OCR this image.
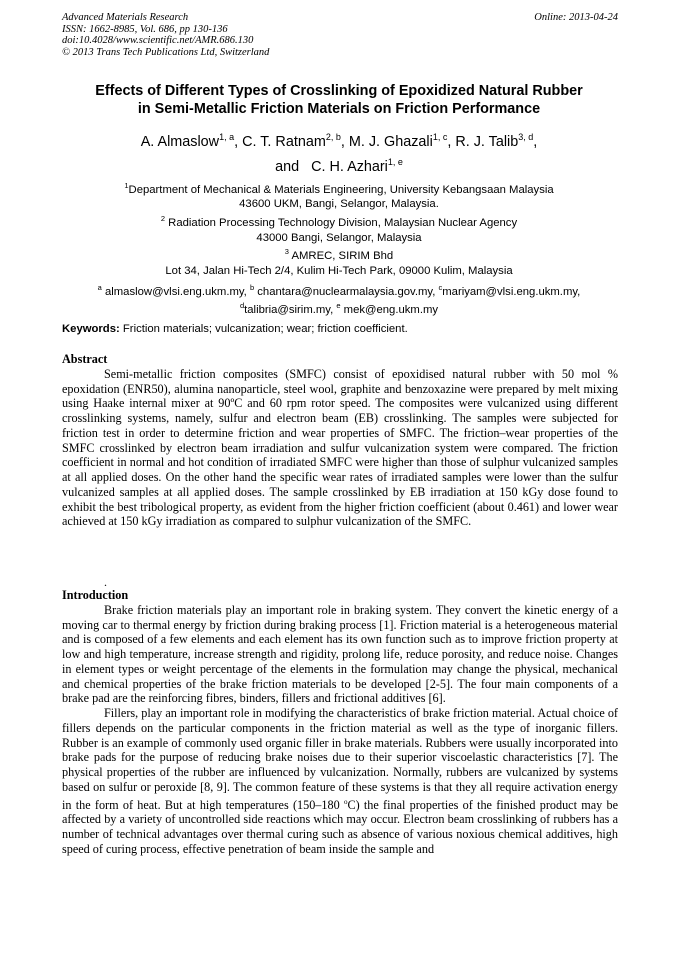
Advanced Materials Research
ISSN: 1662-8985, Vol. 686, pp 130-136
doi:10.4028/www.scientific.net/AMR.686.130
© 2013 Trans Tech Publications Ltd, Switzerland
Online: 2013-04-24
Effects of Different Types of Crosslinking of Epoxidized Natural Rubber
in Semi-Metallic Friction Materials on Friction Performance
A. Almaslow$^{1, a}$, C. T. Ratnam$^{2, b}$, M. J. Ghazali$^{1, c}$, R. J. Talib$^{3, d}$,
and C. H. Azhari$^{1, e}$
$^1$Department of Mechanical & Materials Engineering, University Kebangsaan Malaysia
43600 UKM, Bangi, Selangor, Malaysia.
$^2$ Radiation Processing Technology Division, Malaysian Nuclear Agency
43000 Bangi, Selangor, Malaysia
$^3$ AMREC, SIRIM Bhd
Lot 34, Jalan Hi-Tech 2/4, Kulim Hi-Tech Park, 09000 Kulim, Malaysia
$^a$ almaslow@vlsi.eng.ukm.my, $^b$ chantara@nuclearmalaysia.gov.my, $^c$mariyam@vlsi.eng.ukm.my,
$^d$talibria@sirim.my, $^e$ mek@eng.ukm.my
Keywords: Friction materials; vulcanization; wear; friction coefficient.
Abstract

Semi-metallic friction composites (SMFC) consist of epoxidised natural rubber with 50 mol % epoxidation (ENR50), alumina nanoparticle, steel wool, graphite and benzoxazine were prepared by melt mixing using Haake internal mixer at 90ºC and 60 rpm rotor speed. The composites were vulcanized using different crosslinking systems, namely, sulfur and electron beam (EB) crosslinking. The samples were subjected for friction test in order to determine friction and wear properties of SMFC. The friction–wear properties of the SMFC crosslinked by electron beam irradiation and sulfur vulcanization system were compared. The friction coefficient in normal and hot condition of irradiated SMFC were higher than those of sulphur vulcanized samples at all applied doses. On the other hand the specific wear rates of irradiated samples were lower than the sulfur vulcanized samples at all applied doses. The sample crosslinked by EB irradiation at 150 kGy dose found to exhibit the best tribological property, as evident from the higher friction coefficient (about 0.461) and lower wear achieved at 150 kGy irradiation as compared to sulphur vulcanization of the SMFC.

.
Introduction

Brake friction materials play an important role in braking system. They convert the kinetic energy of a moving car to thermal energy by friction during braking process [1]. Friction material is a heterogeneous material and is composed of a few elements and each element has its own function such as to improve friction property at low and high temperature, increase strength and rigidity, prolong life, reduce porosity, and reduce noise. Changes in element types or weight percentage of the elements in the formulation may change the physical, mechanical and chemical properties of the brake friction materials to be developed [2-5]. The four main components of a brake pad are the reinforcing fibres, binders, fillers and frictional additives [6].

Fillers, play an important role in modifying the characteristics of brake friction material. Actual choice of fillers depends on the particular components in the friction material as well as the type of inorganic fillers. Rubber is an example of commonly used organic filler in brake materials. Rubbers were usually incorporated into brake pads for the purpose of reducing brake noises due to their superior viscoelastic characteristics [7]. The physical properties of the rubber are influenced by vulcanization. Normally, rubbers are vulcanized by systems based on sulfur or peroxide [8, 9]. The common feature of these systems is that they all require activation energy in the form of heat. But at high temperatures (150–180 $^o$C) the final properties of the finished product may be affected by a variety of uncontrolled side reactions which may occur. Electron beam crosslinking of rubbers has a number of technical advantages over thermal curing such as absence of various noxious chemical additives, high speed of curing process, effective penetration of beam inside the sample and
